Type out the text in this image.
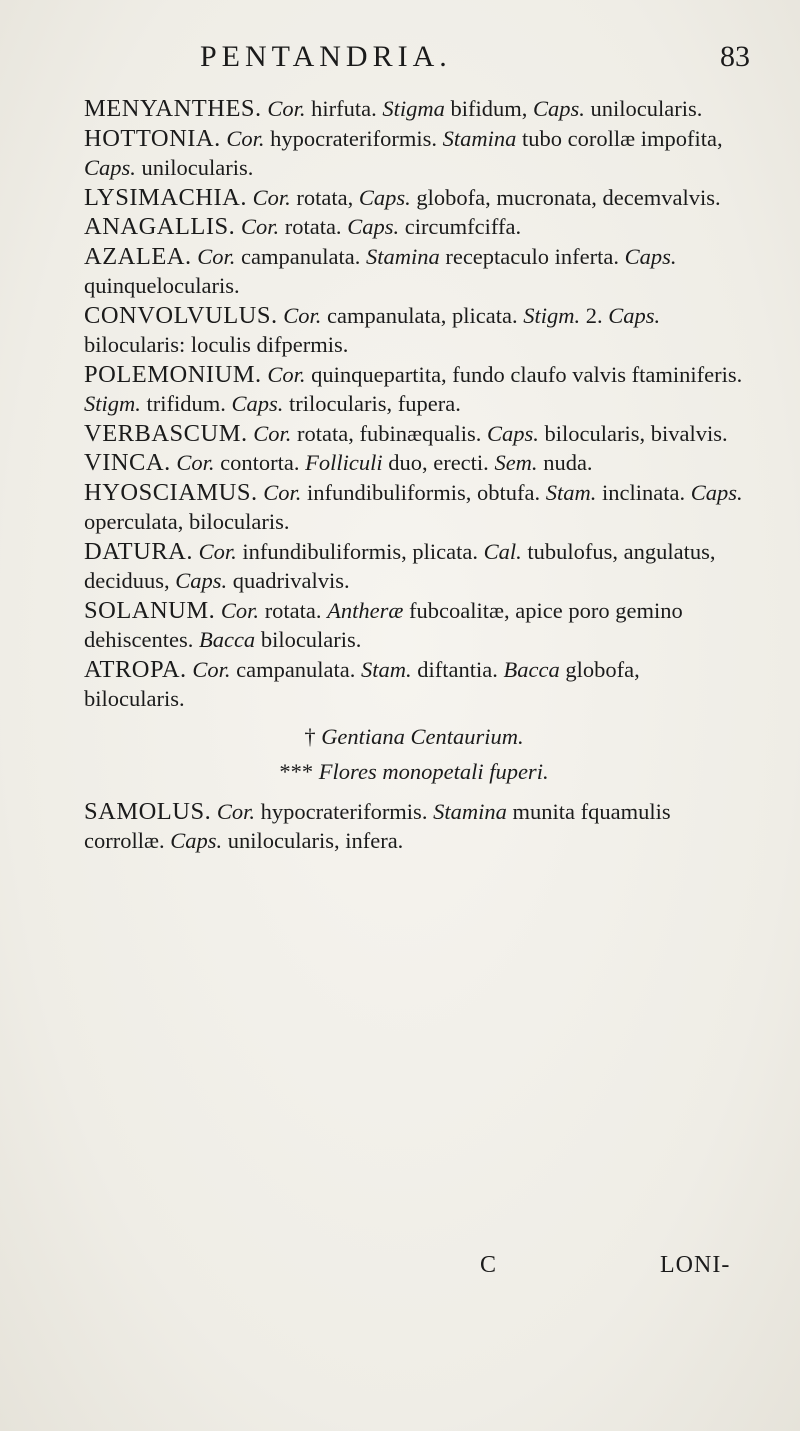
PENTANDRIA.	83

MENYANTHES. Cor. hirfuta. Stigma bifidum, Caps. unilocularis.

HOTTONIA. Cor. hypocrateriformis. Stamina tubo corollæ impofita, Caps. unilocularis.

LYSIMACHIA. Cor. rotata, Caps. globofa, mucronata, decemvalvis.

ANAGALLIS. Cor. rotata. Caps. circumfciffa.

AZALEA. Cor. campanulata. Stamina receptaculo inferta. Caps. quinquelocularis.

CONVOLVULUS. Cor. campanulata, plicata. Stigm. 2. Caps. bilocularis: loculis difpermis.

POLEMONIUM. Cor. quinquepartita, fundo claufo valvis ftaminiferis. Stigm. trifidum. Caps. trilocularis, fupera.

VERBASCUM. Cor. rotata, fubinæqualis. Caps. bilocularis, bivalvis.

VINCA. Cor. contorta. Folliculi duo, erecti. Sem. nuda.

HYOSCIAMUS. Cor. infundibuliformis, obtufa. Stam. inclinata. Caps. operculata, bilocularis.

DATURA. Cor. infundibuliformis, plicata. Cal. tubulofus, angulatus, deciduus, Caps. quadrivalvis.

SOLANUM. Cor. rotata. Antheræ fubcoalitæ, apice poro gemino dehiscentes. Bacca bilocularis.

ATROPA. Cor. campanulata. Stam. diftantia. Bacca globofa, bilocularis.

† Gentiana Centaurium.

*** Flores monopetali fuperi.

SAMOLUS. Cor. hypocrateriformis. Stamina munita fquamulis corrollæ. Caps. unilocularis, infera.

C	LONI-
